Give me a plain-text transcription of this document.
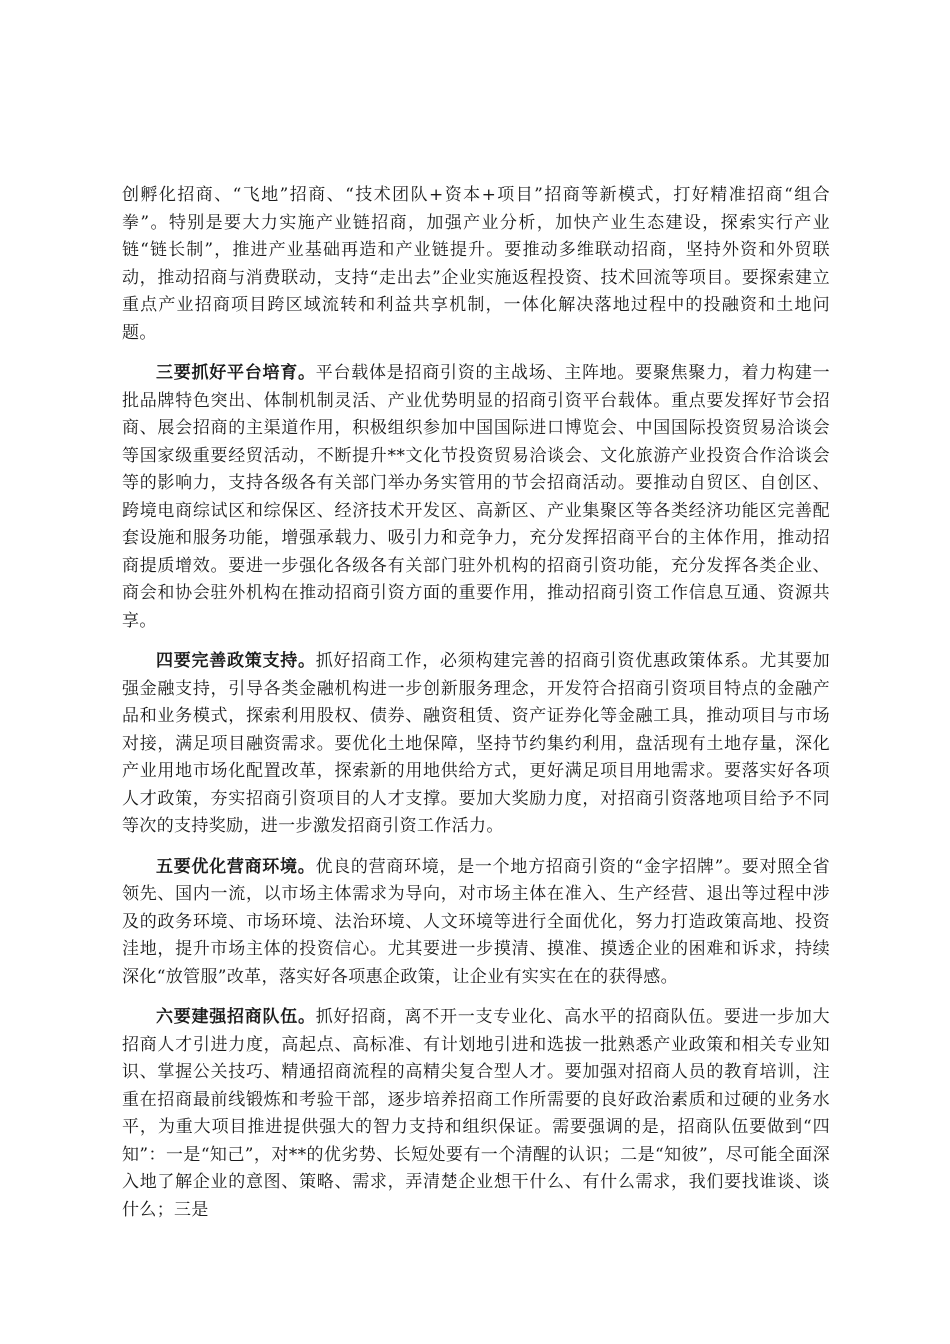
创孵化招商、“飞地”招商、“技术团队+资本+项目”招商等新模式，打好精准招商“组合拳”。特别是要大力实施产业链招商，加强产业分析，加快产业生态建设，探索实行产业链“链长制”，推进产业基础再造和产业链提升。要推动多维联动招商，坚持外资和外贸联动，推动招商与消费联动，支持“走出去”企业实施返程投资、技术回流等项目。要探索建立重点产业招商项目跨区域流转和利益共享机制，一体化解决落地过程中的投融资和土地问题。

三要抓好平台培育。平台载体是招商引资的主战场、主阵地。要聚焦聚力，着力构建一批品牌特色突出、体制机制灵活、产业优势明显的招商引资平台载体。重点要发挥好节会招商、展会招商的主渠道作用，积极组织参加中国国际进口博览会、中国国际投资贸易洽谈会等国家级重要经贸活动，不断提升**文化节投资贸易洽谈会、文化旅游产业投资合作洽谈会等的影响力，支持各级各有关部门举办务实管用的节会招商活动。要推动自贸区、自创区、跨境电商综试区和综保区、经济技术开发区、高新区、产业集聚区等各类经济功能区完善配套设施和服务功能，增强承载力、吸引力和竞争力，充分发挥招商平台的主体作用，推动招商提质增效。要进一步强化各级各有关部门驻外机构的招商引资功能，充分发挥各类企业、商会和协会驻外机构在推动招商引资方面的重要作用，推动招商引资工作信息互通、资源共享。

四要完善政策支持。抓好招商工作，必须构建完善的招商引资优惠政策体系。尤其要加强金融支持，引导各类金融机构进一步创新服务理念，开发符合招商引资项目特点的金融产品和业务模式，探索利用股权、债券、融资租赁、资产证券化等金融工具，推动项目与市场对接，满足项目融资需求。要优化土地保障，坚持节约集约利用，盘活现有土地存量，深化产业用地市场化配置改革，探索新的用地供给方式，更好满足项目用地需求。要落实好各项人才政策，夯实招商引资项目的人才支撑。要加大奖励力度，对招商引资落地项目给予不同等次的支持奖励，进一步激发招商引资工作活力。

五要优化营商环境。优良的营商环境，是一个地方招商引资的“金字招牌”。要对照全省领先、国内一流，以市场主体需求为导向，对市场主体在准入、生产经营、退出等过程中涉及的政务环境、市场环境、法治环境、人文环境等进行全面优化，努力打造政策高地、投资洼地，提升市场主体的投资信心。尤其要进一步摸清、摸准、摸透企业的困难和诉求，持续深化“放管服”改革，落实好各项惠企政策，让企业有实实在在的获得感。

六要建强招商队伍。抓好招商，离不开一支专业化、高水平的招商队伍。要进一步加大招商人才引进力度，高起点、高标准、有计划地引进和选拔一批熟悉产业政策和相关专业知识、掌握公关技巧、精通招商流程的高精尖复合型人才。要加强对招商人员的教育培训，注重在招商最前线锻炼和考验干部，逐步培养招商工作所需要的良好政治素质和过硬的业务水平，为重大项目推进提供强大的智力支持和组织保证。需要强调的是，招商队伍要做到“四知”：一是“知己”，对**的优劣势、长短处要有一个清醒的认识；二是“知彼”，尽可能全面深入地了解企业的意图、策略、需求，弄清楚企业想干什么、有什么需求，我们要找谁谈、谈什么；三是
